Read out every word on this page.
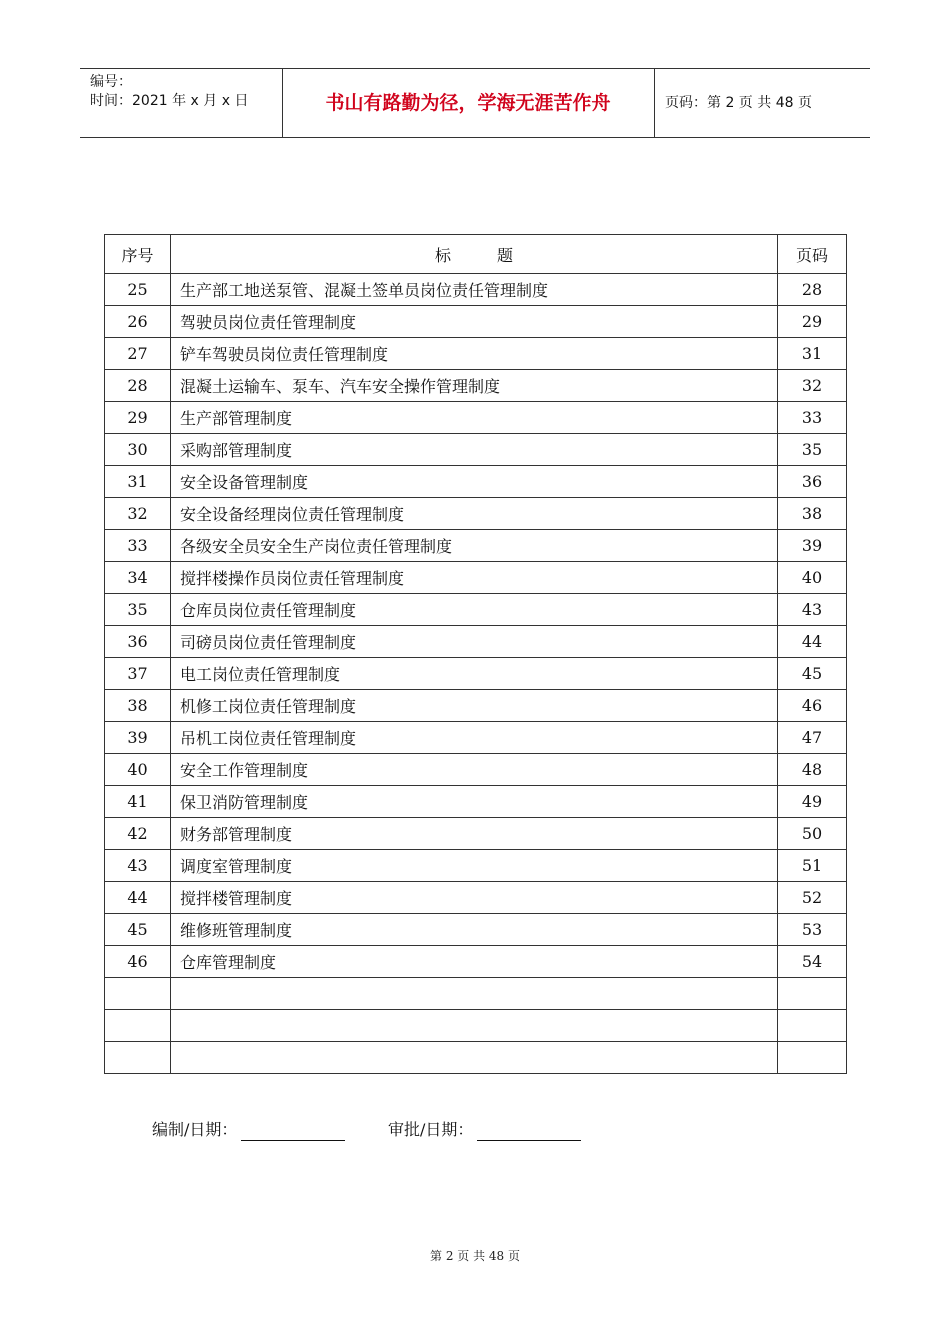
编号：
时间：2021 年 x 月 x 日	书山有路勤为径，学海无涯苦作舟	页码：第 2 页 共 48 页
序号	标题	页码
25	生产部工地送泵管、混凝土签单员岗位责任管理制度	28
26	驾驶员岗位责任管理制度	29
27	铲车驾驶员岗位责任管理制度	31
28	混凝土运输车、泵车、汽车安全操作管理制度	32
29	生产部管理制度	33
30	采购部管理制度	35
31	安全设备管理制度	36
32	安全设备经理岗位责任管理制度	38
33	各级安全员安全生产岗位责任管理制度	39
34	搅拌楼操作员岗位责任管理制度	40
35	仓库员岗位责任管理制度	43
36	司磅员岗位责任管理制度	44
37	电工岗位责任管理制度	45
38	机修工岗位责任管理制度	46
39	吊机工岗位责任管理制度	47
40	安全工作管理制度	48
41	保卫消防管理制度	49
42	财务部管理制度	50
43	调度室管理制度	51
44	搅拌楼管理制度	52
45	维修班管理制度	53
46	仓库管理制度	54

编制/日期：	审批/日期：
第 2 页 共 48 页
